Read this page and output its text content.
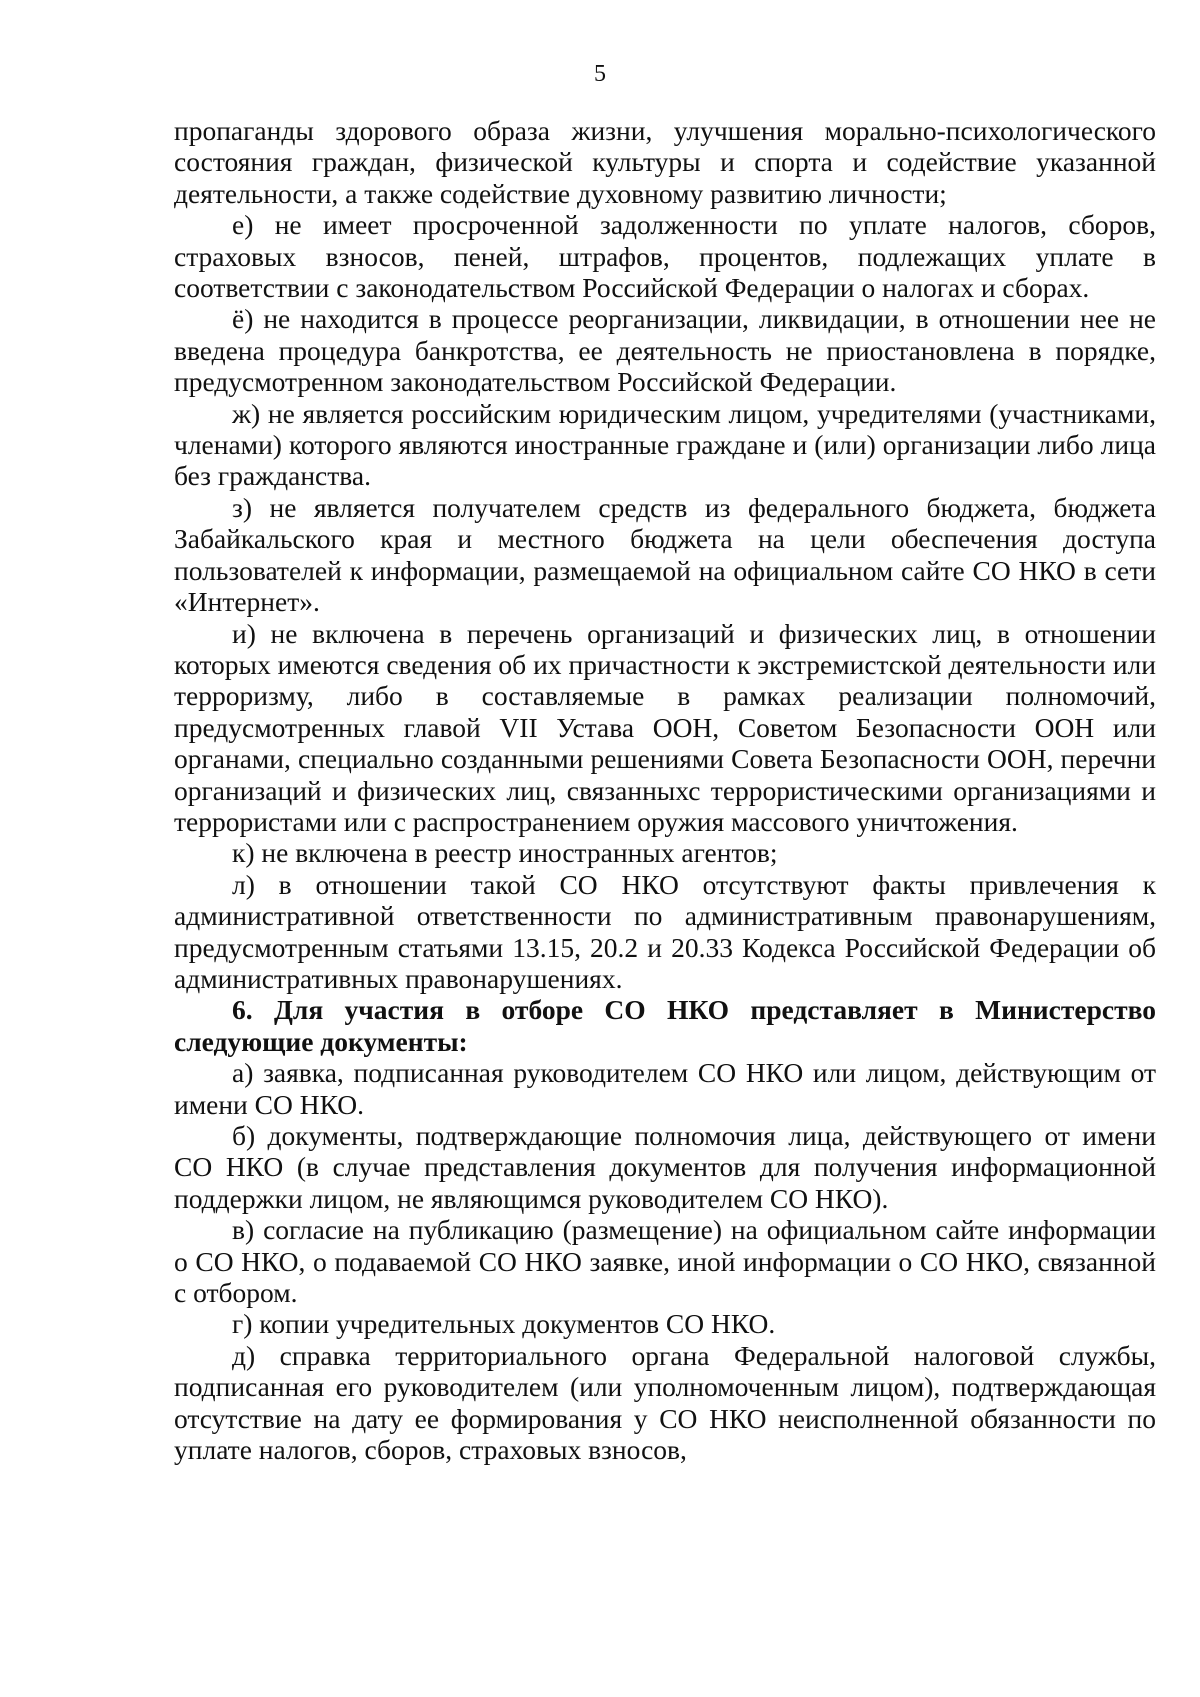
5

пропаганды здорового образа жизни, улучшения морально-психологического состояния граждан, физической культуры и спорта и содействие указанной деятельности, а также содействие духовному развитию личности;

е) не имеет просроченной задолженности по уплате налогов, сборов, страховых взносов, пеней, штрафов, процентов, подлежащих уплате в соответствии с законодательством Российской Федерации о налогах и сборах.

ё) не находится в процессе реорганизации, ликвидации, в отношении нее не введена процедура банкротства, ее деятельность не приостановлена в порядке, предусмотренном законодательством Российской Федерации.

ж) не является российским юридическим лицом, учредителями (участниками, членами) которого являются иностранные граждане и (или) организации либо лица без гражданства.

з) не является получателем средств из федерального бюджета, бюджета Забайкальского края и местного бюджета на цели обеспечения доступа пользователей к информации, размещаемой на официальном сайте СО НКО в сети «Интернет».

и) не включена в перечень организаций и физических лиц, в отношении которых имеются сведения об их причастности к экстремистской деятельности или терроризму, либо в составляемые в рамках реализации полномочий, предусмотренных главой VII Устава ООН, Советом Безопасности ООН или органами, специально созданными решениями Совета Безопасности ООН, перечни организаций и физических лиц, связанныхс террористическими организациями и террористами или с распространением оружия массового уничтожения.

к) не включена в реестр иностранных агентов;

л) в отношении такой СО НКО отсутствуют факты привлечения к административной ответственности по административным правонарушениям, предусмотренным статьями 13.15, 20.2 и 20.33 Кодекса Российской Федерации об административных правонарушениях.

6. Для участия в отборе СО НКО представляет в Министерство следующие документы:

а) заявка, подписанная руководителем СО НКО или лицом, действующим от имени СО НКО.

б) документы, подтверждающие полномочия лица, действующего от имени СО НКО (в случае представления документов для получения информационной поддержки лицом, не являющимся руководителем СО НКО).

в) согласие на публикацию (размещение) на официальном сайте информации о СО НКО, о подаваемой СО НКО заявке, иной информации о СО НКО, связанной с отбором.

г) копии учредительных документов СО НКО.

д) справка территориального органа Федеральной налоговой службы, подписанная его руководителем (или уполномоченным лицом), подтверждающая отсутствие на дату ее формирования у СО НКО неисполненной обязанности по уплате налогов, сборов, страховых взносов,
